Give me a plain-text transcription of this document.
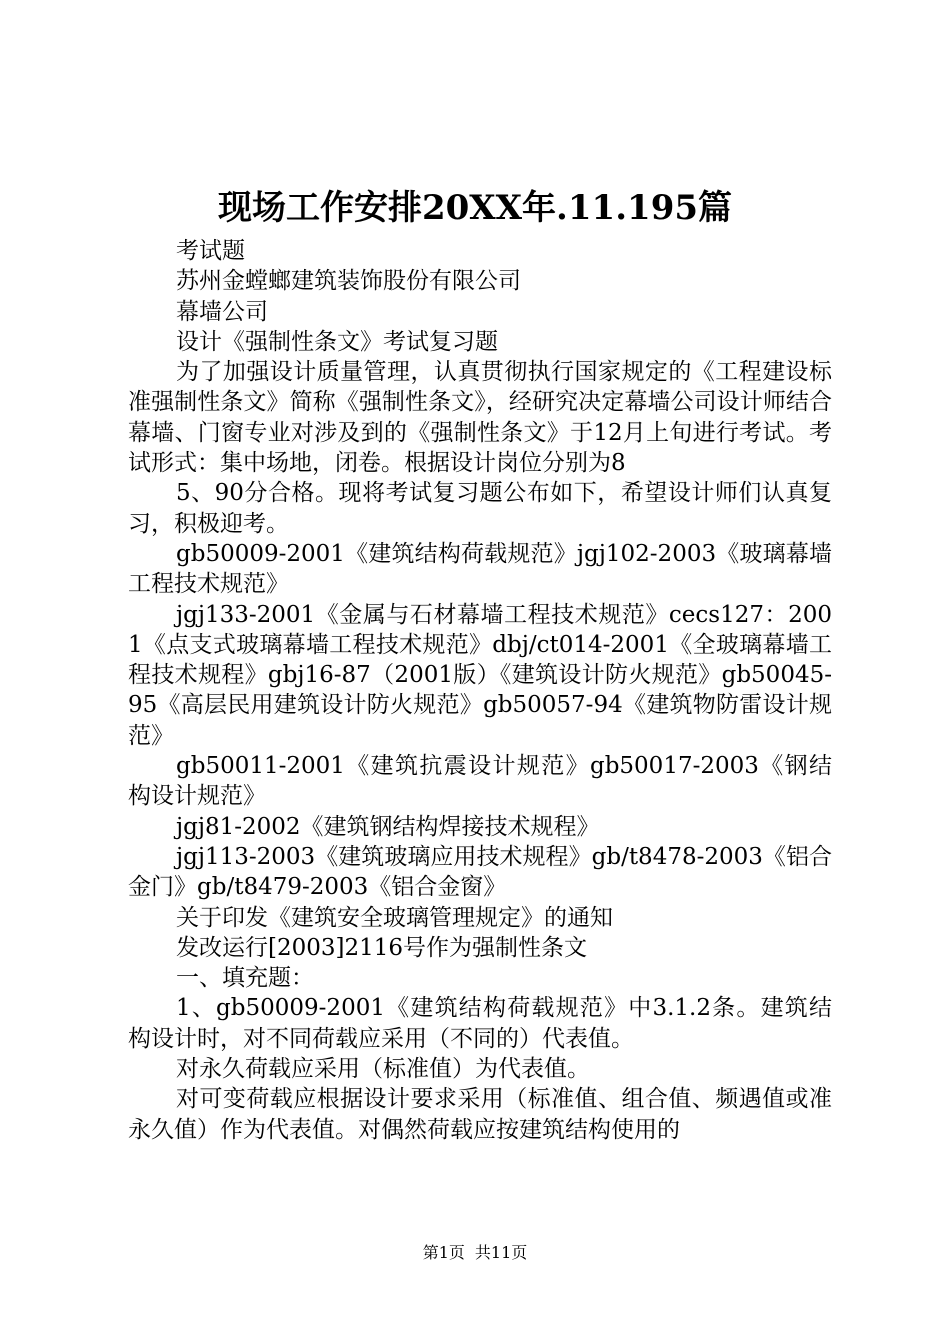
现场工作安排20XX年.11.195篇

考试题

苏州金螳螂建筑装饰股份有限公司

幕墙公司

设计《强制性条文》考试复习题

为了加强设计质量管理，认真贯彻执行国家规定的《工程建设标准强制性条文》简称《强制性条文》，经研究决定幕墙公司设计师结合幕墙、门窗专业对涉及到的《强制性条文》于12月上旬进行考试。考试形式：集中场地，闭卷。根据设计岗位分别为8

5、90分合格。现将考试复习题公布如下，希望设计师们认真复习，积极迎考。

gb50009-2001《建筑结构荷载规范》jgj102-2003《玻璃幕墙工程技术规范》

jgj133-2001《金属与石材幕墙工程技术规范》cecs127：2001《点支式玻璃幕墙工程技术规范》dbj/ct014-2001《全玻璃幕墙工程技术规程》gbj16-87（2001版）《建筑设计防火规范》gb50045-95《高层民用建筑设计防火规范》gb50057-94《建筑物防雷设计规范》

gb50011-2001《建筑抗震设计规范》gb50017-2003《钢结构设计规范》

jgj81-2002《建筑钢结构焊接技术规程》

jgj113-2003《建筑玻璃应用技术规程》gb/t8478-2003《铝合金门》gb/t8479-2003《铝合金窗》

关于印发《建筑安全玻璃管理规定》的通知

发改运行[2003]2116号作为强制性条文

一、填充题：

1、gb50009-2001《建筑结构荷载规范》中3.1.2条。建筑结构设计时，对不同荷载应采用（不同的）代表值。

对永久荷载应采用（标准值）为代表值。

对可变荷载应根据设计要求采用（标准值、组合值、频遇值或准永久值）作为代表值。对偶然荷载应按建筑结构使用的

第1页 共11页
